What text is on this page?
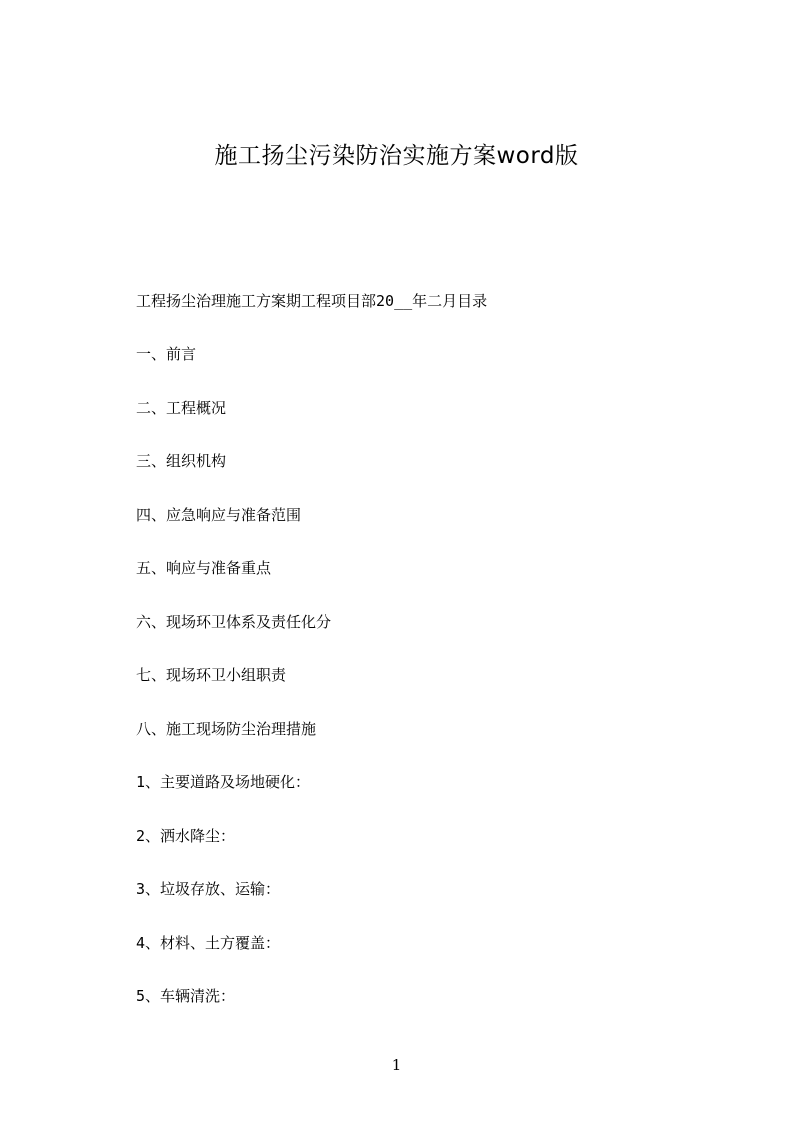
施工扬尘污染防治实施方案word版
工程扬尘治理施工方案期工程项目部20__年二月目录
一、前言
二、工程概况
三、组织机构
四、应急响应与准备范围
五、响应与准备重点
六、现场环卫体系及责任化分
七、现场环卫小组职责
八、施工现场防尘治理措施
1、主要道路及场地硬化：
2、洒水降尘：
3、垃圾存放、运输：
4、材料、土方覆盖：
5、车辆清洗：
1
